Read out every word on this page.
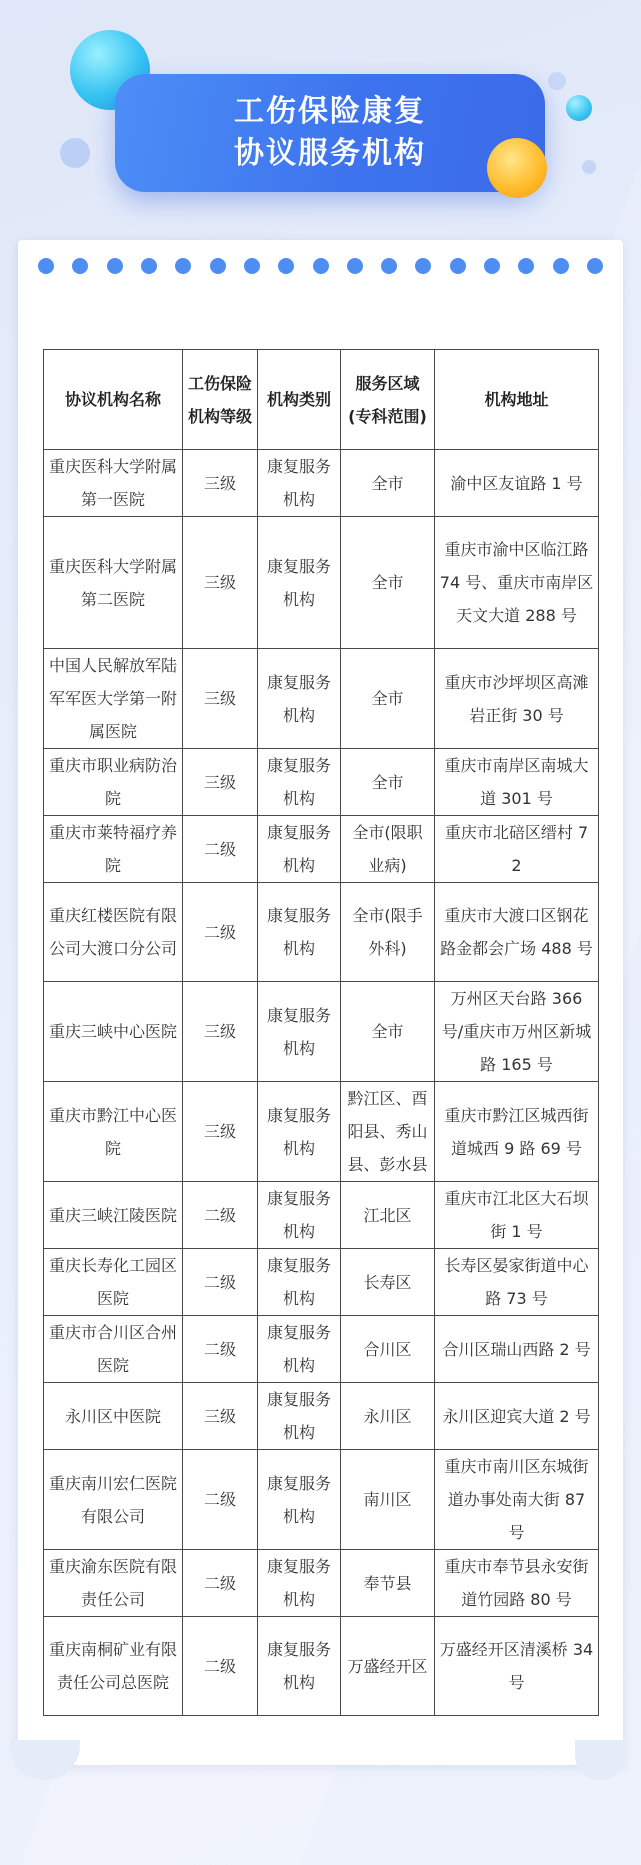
工伤保险康复
协议服务机构
协议机构名称	工伤保险机构等级	机构类别	服务区域(专科范围)	机构地址
重庆医科大学附属第一医院	三级	康复服务机构	全市	渝中区友谊路 1 号
重庆医科大学附属第二医院	三级	康复服务机构	全市	重庆市渝中区临江路 74 号、重庆市南岸区天文大道 288 号
中国人民解放军陆军军医大学第一附属医院	三级	康复服务机构	全市	重庆市沙坪坝区高滩岩正街 30 号
重庆市职业病防治院	三级	康复服务机构	全市	重庆市南岸区南城大道 301 号
重庆市莱特福疗养院	二级	康复服务机构	全市(限职业病)	重庆市北碚区缙村 7 2
重庆红楼医院有限公司大渡口分公司	二级	康复服务机构	全市(限手外科)	重庆市大渡口区钢花路金都会广场 488 号
重庆三峡中心医院	三级	康复服务机构	全市	万州区天台路 366 号/重庆市万州区新城路 165 号
重庆市黔江中心医院	三级	康复服务机构	黔江区、酉阳县、秀山县、彭水县	重庆市黔江区城西街道城西 9 路 69 号
重庆三峡江陵医院	二级	康复服务机构	江北区	重庆市江北区大石坝街 1 号
重庆长寿化工园区医院	二级	康复服务机构	长寿区	长寿区晏家街道中心路 73 号
重庆市合川区合州医院	二级	康复服务机构	合川区	合川区瑞山西路 2 号
永川区中医院	三级	康复服务机构	永川区	永川区迎宾大道 2 号
重庆南川宏仁医院有限公司	二级	康复服务机构	南川区	重庆市南川区东城街道办事处南大街 87 号
重庆渝东医院有限责任公司	二级	康复服务机构	奉节县	重庆市奉节县永安街道竹园路 80 号
重庆南桐矿业有限责任公司总医院	二级	康复服务机构	万盛经开区	万盛经开区清溪桥 34 号
